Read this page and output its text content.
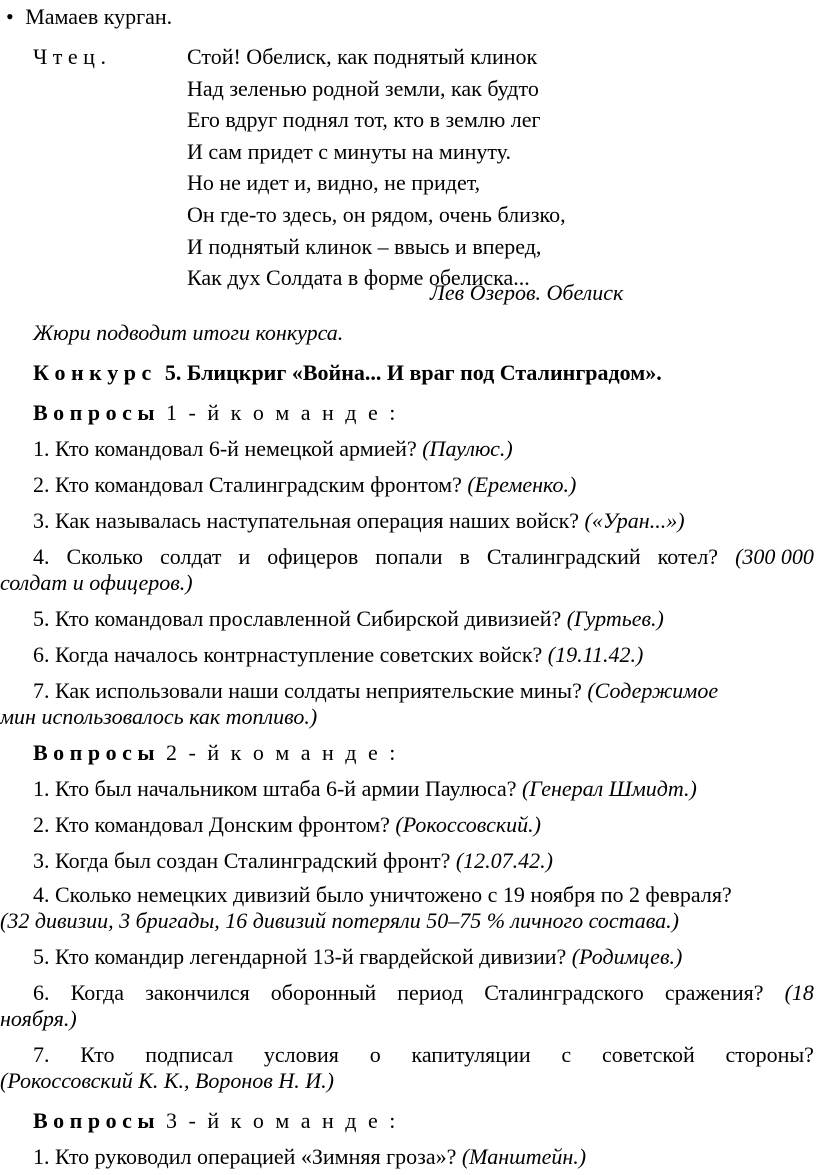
• Мамаев курган.
Ч т е ц .	Стой! Обелиск, как поднятый клинок
Над зеленью родной земли, как будто
Его вдруг поднял тот, кто в землю лег
И сам придет с минуты на минуту.
Но не идет и, видно, не придет,
Он где-то здесь, он рядом, очень близко,
И поднятый клинок – ввысь и вперед,
Как дух Солдата в форме обелиска...
Лев Озеров. Обелиск
Жюри подводит итоги конкурса.
К о н к у р с 5. Блицкриг «Война... И враг под Сталинградом».
В о п р о с ы 1 - й к о м а н д е :
1. Кто командовал 6-й немецкой армией? (Паулюс.)
2. Кто командовал Сталинградским фронтом? (Еременко.)
3. Как называлась наступательная операция наших войск? («Уран...»)
4. Сколько солдат и офицеров попали в Сталинградский котел? (300 000
солдат и офицеров.)
5. Кто командовал прославленной Сибирской дивизией? (Гуртьев.)
6. Когда началось контрнаступление советских войск? (19.11.42.)
7. Как использовали наши солдаты неприятельские мины? (Содержимое
мин использовалось как топливо.)
В о п р о с ы 2 - й к о м а н д е :
1. Кто был начальником штаба 6-й армии Паулюса? (Генерал Шмидт.)
2. Кто командовал Донским фронтом? (Рокоссовский.)
3. Когда был создан Сталинградский фронт? (12.07.42.)
4. Сколько немецких дивизий было уничтожено с 19 ноября по 2 февраля?
(32 дивизии, 3 бригады, 16 дивизий потеряли 50–75 % личного состава.)
5. Кто командир легендарной 13-й гвардейской дивизии? (Родимцев.)
6. Когда закончился оборонный период Сталинградского сражения? (18
ноября.)
7. Кто подписал условия о капитуляции с советской стороны?
(Рокоссовский К. К., Воронов Н. И.)
В о п р о с ы 3 - й к о м а н д е :
1. Кто руководил операцией «Зимняя гроза»? (Манштейн.)
